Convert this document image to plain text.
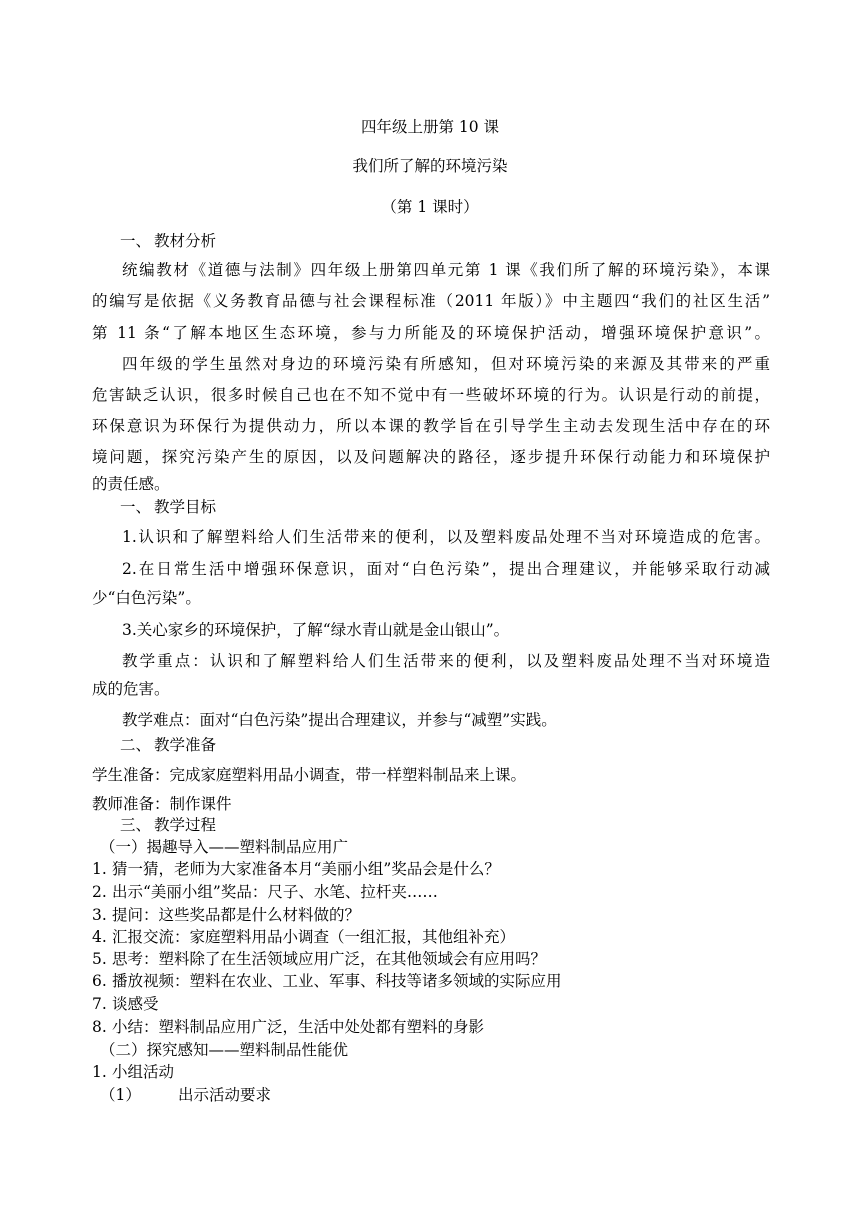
四年级上册第 10 课
我们所了解的环境污染
（第 1 课时）
一、 教材分析
统编教材《道德与法制》四年级上册第四单元第 1 课《我们所了解的环境污染》，本课
的编写是依据《义务教育品德与社会课程标准（2011 年版）》中主题四“我们的社区生活”
第 11 条“了解本地区生态环境，参与力所能及的环境保护活动，增强环境保护意识”。
四年级的学生虽然对身边的环境污染有所感知，但对环境污染的来源及其带来的严重
危害缺乏认识，很多时候自己也在不知不觉中有一些破坏环境的行为。认识是行动的前提，
环保意识为环保行为提供动力，所以本课的教学旨在引导学生主动去发现生活中存在的环
境问题，探究污染产生的原因，以及问题解决的路径，逐步提升环保行动能力和环境保护
的责任感。
一、 教学目标
1.认识和了解塑料给人们生活带来的便利，以及塑料废品处理不当对环境造成的危害。
2.在日常生活中增强环保意识，面对“白色污染”，提出合理建议，并能够采取行动减
少“白色污染”。
3.关心家乡的环境保护，了解“绿水青山就是金山银山”。
教学重点：认识和了解塑料给人们生活带来的便利，以及塑料废品处理不当对环境造
成的危害。
教学难点：面对“白色污染”提出合理建议，并参与“减塑”实践。
二、 教学准备
学生准备：完成家庭塑料用品小调查，带一样塑料制品来上课。
教师准备：制作课件
三、 教学过程
（一）揭趣导入——塑料制品应用广
1. 猜一猜，老师为大家准备本月“美丽小组”奖品会是什么？
2. 出示“美丽小组”奖品：尺子、水笔、拉杆夹……
3. 提问：这些奖品都是什么材料做的？
4. 汇报交流：家庭塑料用品小调查（一组汇报，其他组补充）
5. 思考：塑料除了在生活领域应用广泛，在其他领域会有应用吗？
6. 播放视频：塑料在农业、工业、军事、科技等诸多领域的实际应用
7. 谈感受
8. 小结：塑料制品应用广泛，生活中处处都有塑料的身影
（二）探究感知——塑料制品性能优
1. 小组活动
（1） 出示活动要求
